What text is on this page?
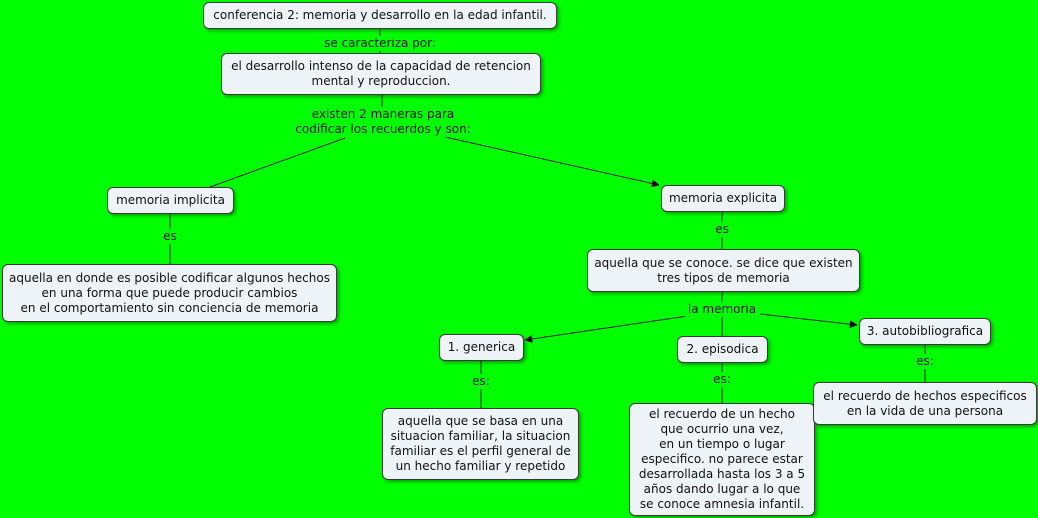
conferencia 2: memoria y desarrollo en la edad infantil.
el desarrollo intenso de la capacidad de retencion
mental y reproduccion.
memoria implicita	memoria explicita
aquella en donde es posible codificar algunos hechos
en una forma que puede producir cambios
en el comportamiento sin conciencia de memoria
aquella que se conoce. se dice que existen
tres tipos de memoria
1. generica	2. episodica
3. autobibliografica
aquella que se basa en una
situacion familiar, la situacion
familiar es el perfil general de
un hecho familiar y repetido
el recuerdo de un hecho
que ocurrio una vez,
en un tiempo o lugar
especifico. no parece estar
desarrollada hasta los 3 a 5
años dando lugar a lo que
se conoce amnesia infantil.
el recuerdo de hechos especificos
en la vida de una persona
se caracteriza por:
existen 2 maneras para
codificar los recuerdos y son:
es	es
la memoria
es:	es:
es:
